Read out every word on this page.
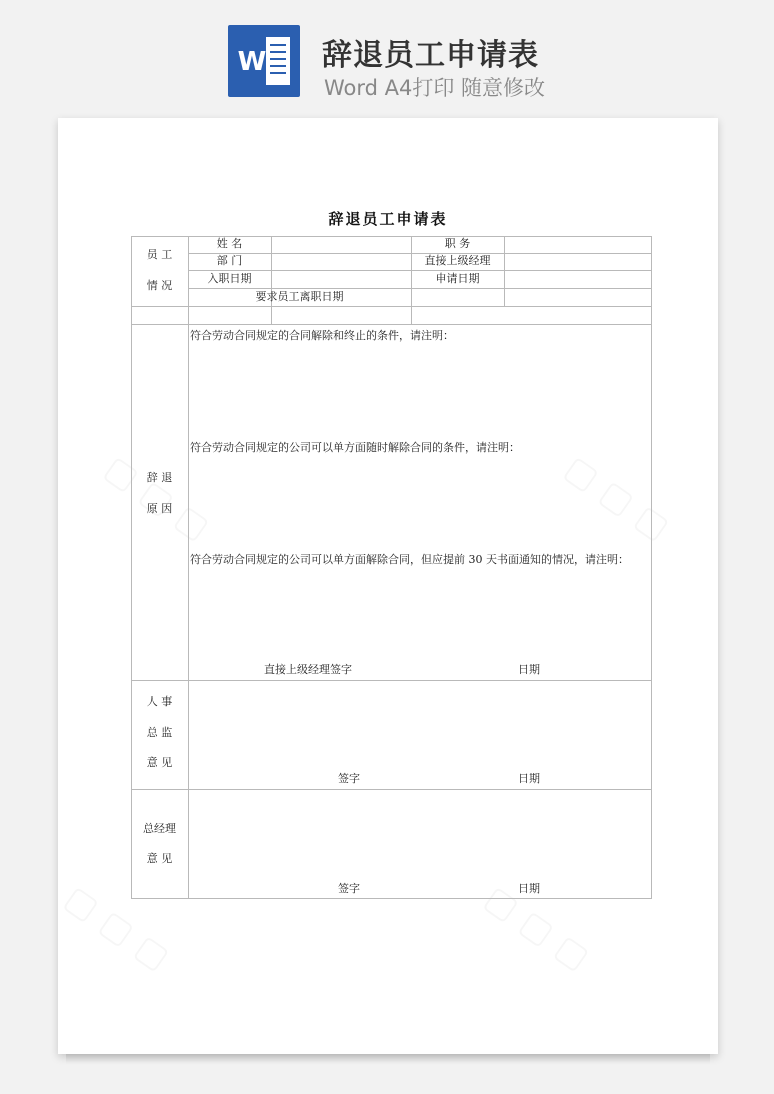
W 辞退员工申请表
Word A4打印 随意修改
辞退员工申请表
员 工
情 况
姓 名	职 务
部 门	直接上级经理
入职日期	申请日期
要求员工离职日期
辞 退
原 因
符合劳动合同规定的合同解除和终止的条件，请注明：
符合劳动合同规定的公司可以单方面随时解除合同的条件，请注明：
符合劳动合同规定的公司可以单方面解除合同，但应提前 30 天书面通知的情况，请注明：
直接上级经理签字	日期
人 事
总 监
意 见
签字	日期
总经理
意 见
签字	日期
